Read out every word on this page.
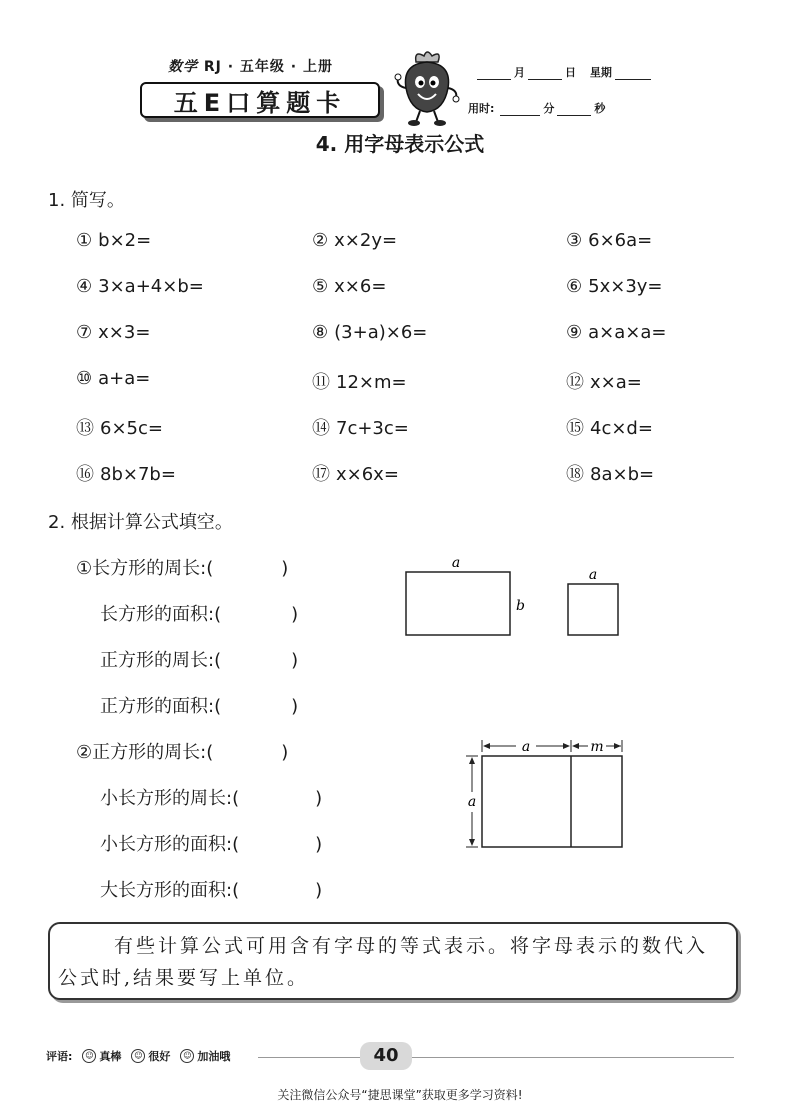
数学 RJ · 五年级 · 上册
五E口算题卡
月	日 星期
用时:	分	秒
4. 用字母表示公式
1. 简写。
① b×2=	② x×2y=	③ 6×6a=
④ 3×a+4×b=	⑤ x×6=	⑥ 5x×3y=
⑦ x×3=	⑧ (3+a)×6=	⑨ a×a×a=
⑩ a+a=	⑪ 12×m=	⑫ x×a=
⑬ 6×5c=	⑭ 7c+3c=	⑮ 4c×d=
⑯ 8b×7b=	⑰ x×6x=	⑱ 8a×b=
2. 根据计算公式填空。
①长方形的周长:(	)
长方形的面积:(	)
正方形的周长:(	)
正方形的面积:(	)
②正方形的周长:(	)
小长方形的周长:(	)
小长方形的面积:(	)
大长方形的面积:(	)
a
b
a
a	m
a
有些计算公式可用含有字母的等式表示。将字母表示的数代入公式时,结果要写上单位。
评语:	☺ 真棒	☺ 很好	☺ 加油哦	40
关注微信公众号“捷思课堂”获取更多学习资料!
